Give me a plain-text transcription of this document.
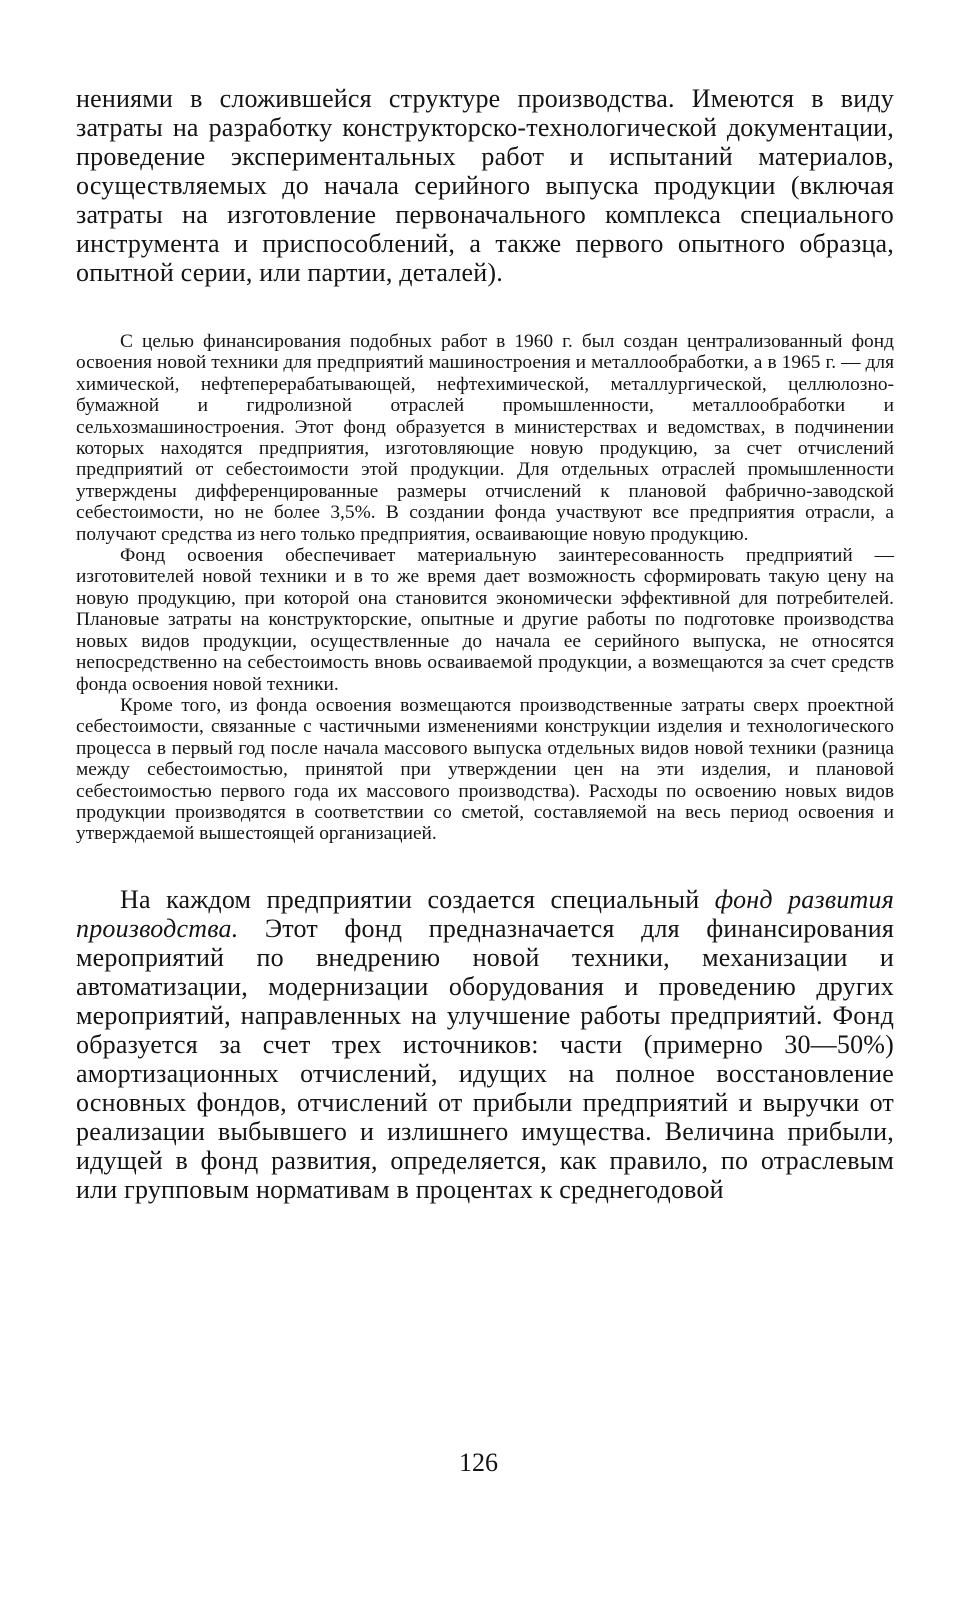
нениями в сложившейся структуре производства. Имеются в виду затраты на разработку конструкторско-технологической документации, проведение экспериментальных работ и испытаний материалов, осуществляемых до начала серийного выпуска продукции (включая затраты на изготовление первоначального комплекса специального инструмента и приспособлений, а также первого опытного образца, опытной серии, или партии, деталей).

С целью финансирования подобных работ в 1960 г. был создан централизованный фонд освоения новой техники для предприятий машиностроения и металлообработки, а в 1965 г. — для химической, нефтеперерабатывающей, нефтехимической, металлургической, целлюлозно-бумажной и гидролизной отраслей промышленности, металлообработки и сельхозмашиностроения. Этот фонд образуется в министерствах и ведомствах, в подчинении которых находятся предприятия, изготовляющие новую продукцию, за счет отчислений предприятий от себестоимости этой продукции. Для отдельных отраслей промышленности утверждены дифференцированные размеры отчислений к плановой фабрично-заводской себестоимости, но не более 3,5%. В создании фонда участвуют все предприятия отрасли, а получают средства из него только предприятия, осваивающие новую продукцию.

Фонд освоения обеспечивает материальную заинтересованность предприятий — изготовителей новой техники и в то же время дает возможность сформировать такую цену на новую продукцию, при которой она становится экономически эффективной для потребителей. Плановые затраты на конструкторские, опытные и другие работы по подготовке производства новых видов продукции, осуществленные до начала ее серийного выпуска, не относятся непосредственно на себестоимость вновь осваиваемой продукции, а возмещаются за счет средств фонда освоения новой техники.

Кроме того, из фонда освоения возмещаются производственные затраты сверх проектной себестоимости, связанные с частичными изменениями конструкции изделия и технологического процесса в первый год после начала массового выпуска отдельных видов новой техники (разница между себестоимостью, принятой при утверждении цен на эти изделия, и плановой себестоимостью первого года их массового производства). Расходы по освоению новых видов продукции производятся в соответствии со сметой, составляемой на весь период освоения и утверждаемой вышестоящей организацией.

На каждом предприятии создается специальный фонд развития производства. Этот фонд предназначается для финансирования мероприятий по внедрению новой техники, механизации и автоматизации, модернизации оборудования и проведению других мероприятий, направленных на улучшение работы предприятий. Фонд образуется за счет трех источников: части (примерно 30—50%) амортизационных отчислений, идущих на полное восстановление основных фондов, отчислений от прибыли предприятий и выручки от реализации выбывшего и излишнего имущества. Величина прибыли, идущей в фонд развития, определяется, как правило, по отраслевым или групповым нормативам в процентах к среднегодовой

126
